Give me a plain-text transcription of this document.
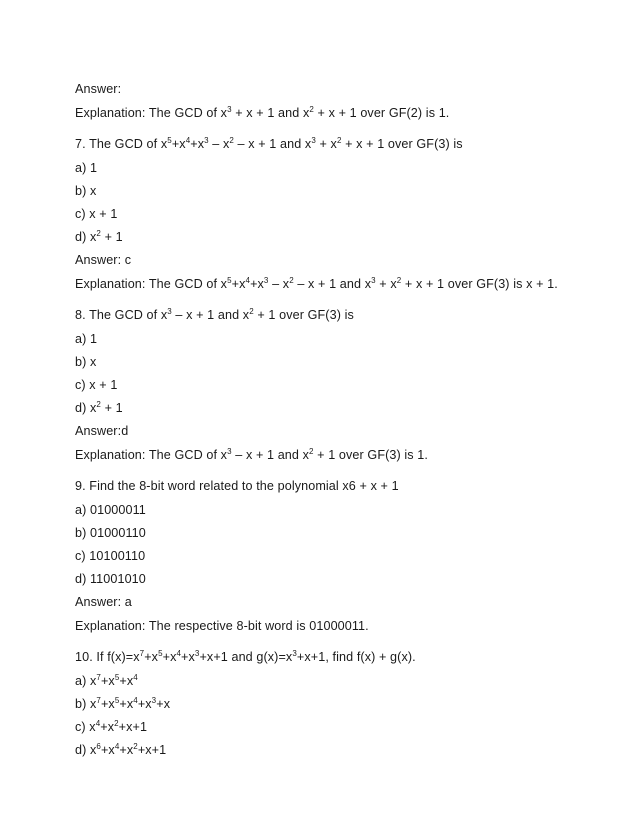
Answer:
Explanation: The GCD of $x^3 + x + 1$ and $x^2 + x + 1$ over GF(2) is 1.
7. The GCD of $x^5+x^4+x^3 - x^2 - x + 1$ and $x^3 + x^2 + x + 1$ over GF(3) is
a) 1
b) x
c) x + 1
d) $x^2 + 1$
Answer: c
Explanation: The GCD of $x^5+x^4+x^3 - x^2 - x + 1$ and $x^3 + x^2 + x + 1$ over GF(3) is x + 1.
8. The GCD of $x^3 - x + 1$ and $x^2 + 1$ over GF(3) is
a) 1
b) x
c) x + 1
d) $x^2 + 1$
Answer:d
Explanation: The GCD of $x^3 - x + 1$ and $x^2 + 1$ over GF(3) is 1.
9. Find the 8-bit word related to the polynomial x6 + x + 1
a) 01000011
b) 01000110
c) 10100110
d) 11001010
Answer: a
Explanation: The respective 8-bit word is 01000011.
10. If $f(x)=x^7+x^5+x^4+x^3+x+1$ and $g(x)=x^3+x+1$, find f(x) + g(x).
a) $x^7+x^5+x^4$
b) $x^7+x^5+x^4+x^3+x$
c) $x^4+x^2+x+1$
d) $x^6+x^4+x^2+x+1$
